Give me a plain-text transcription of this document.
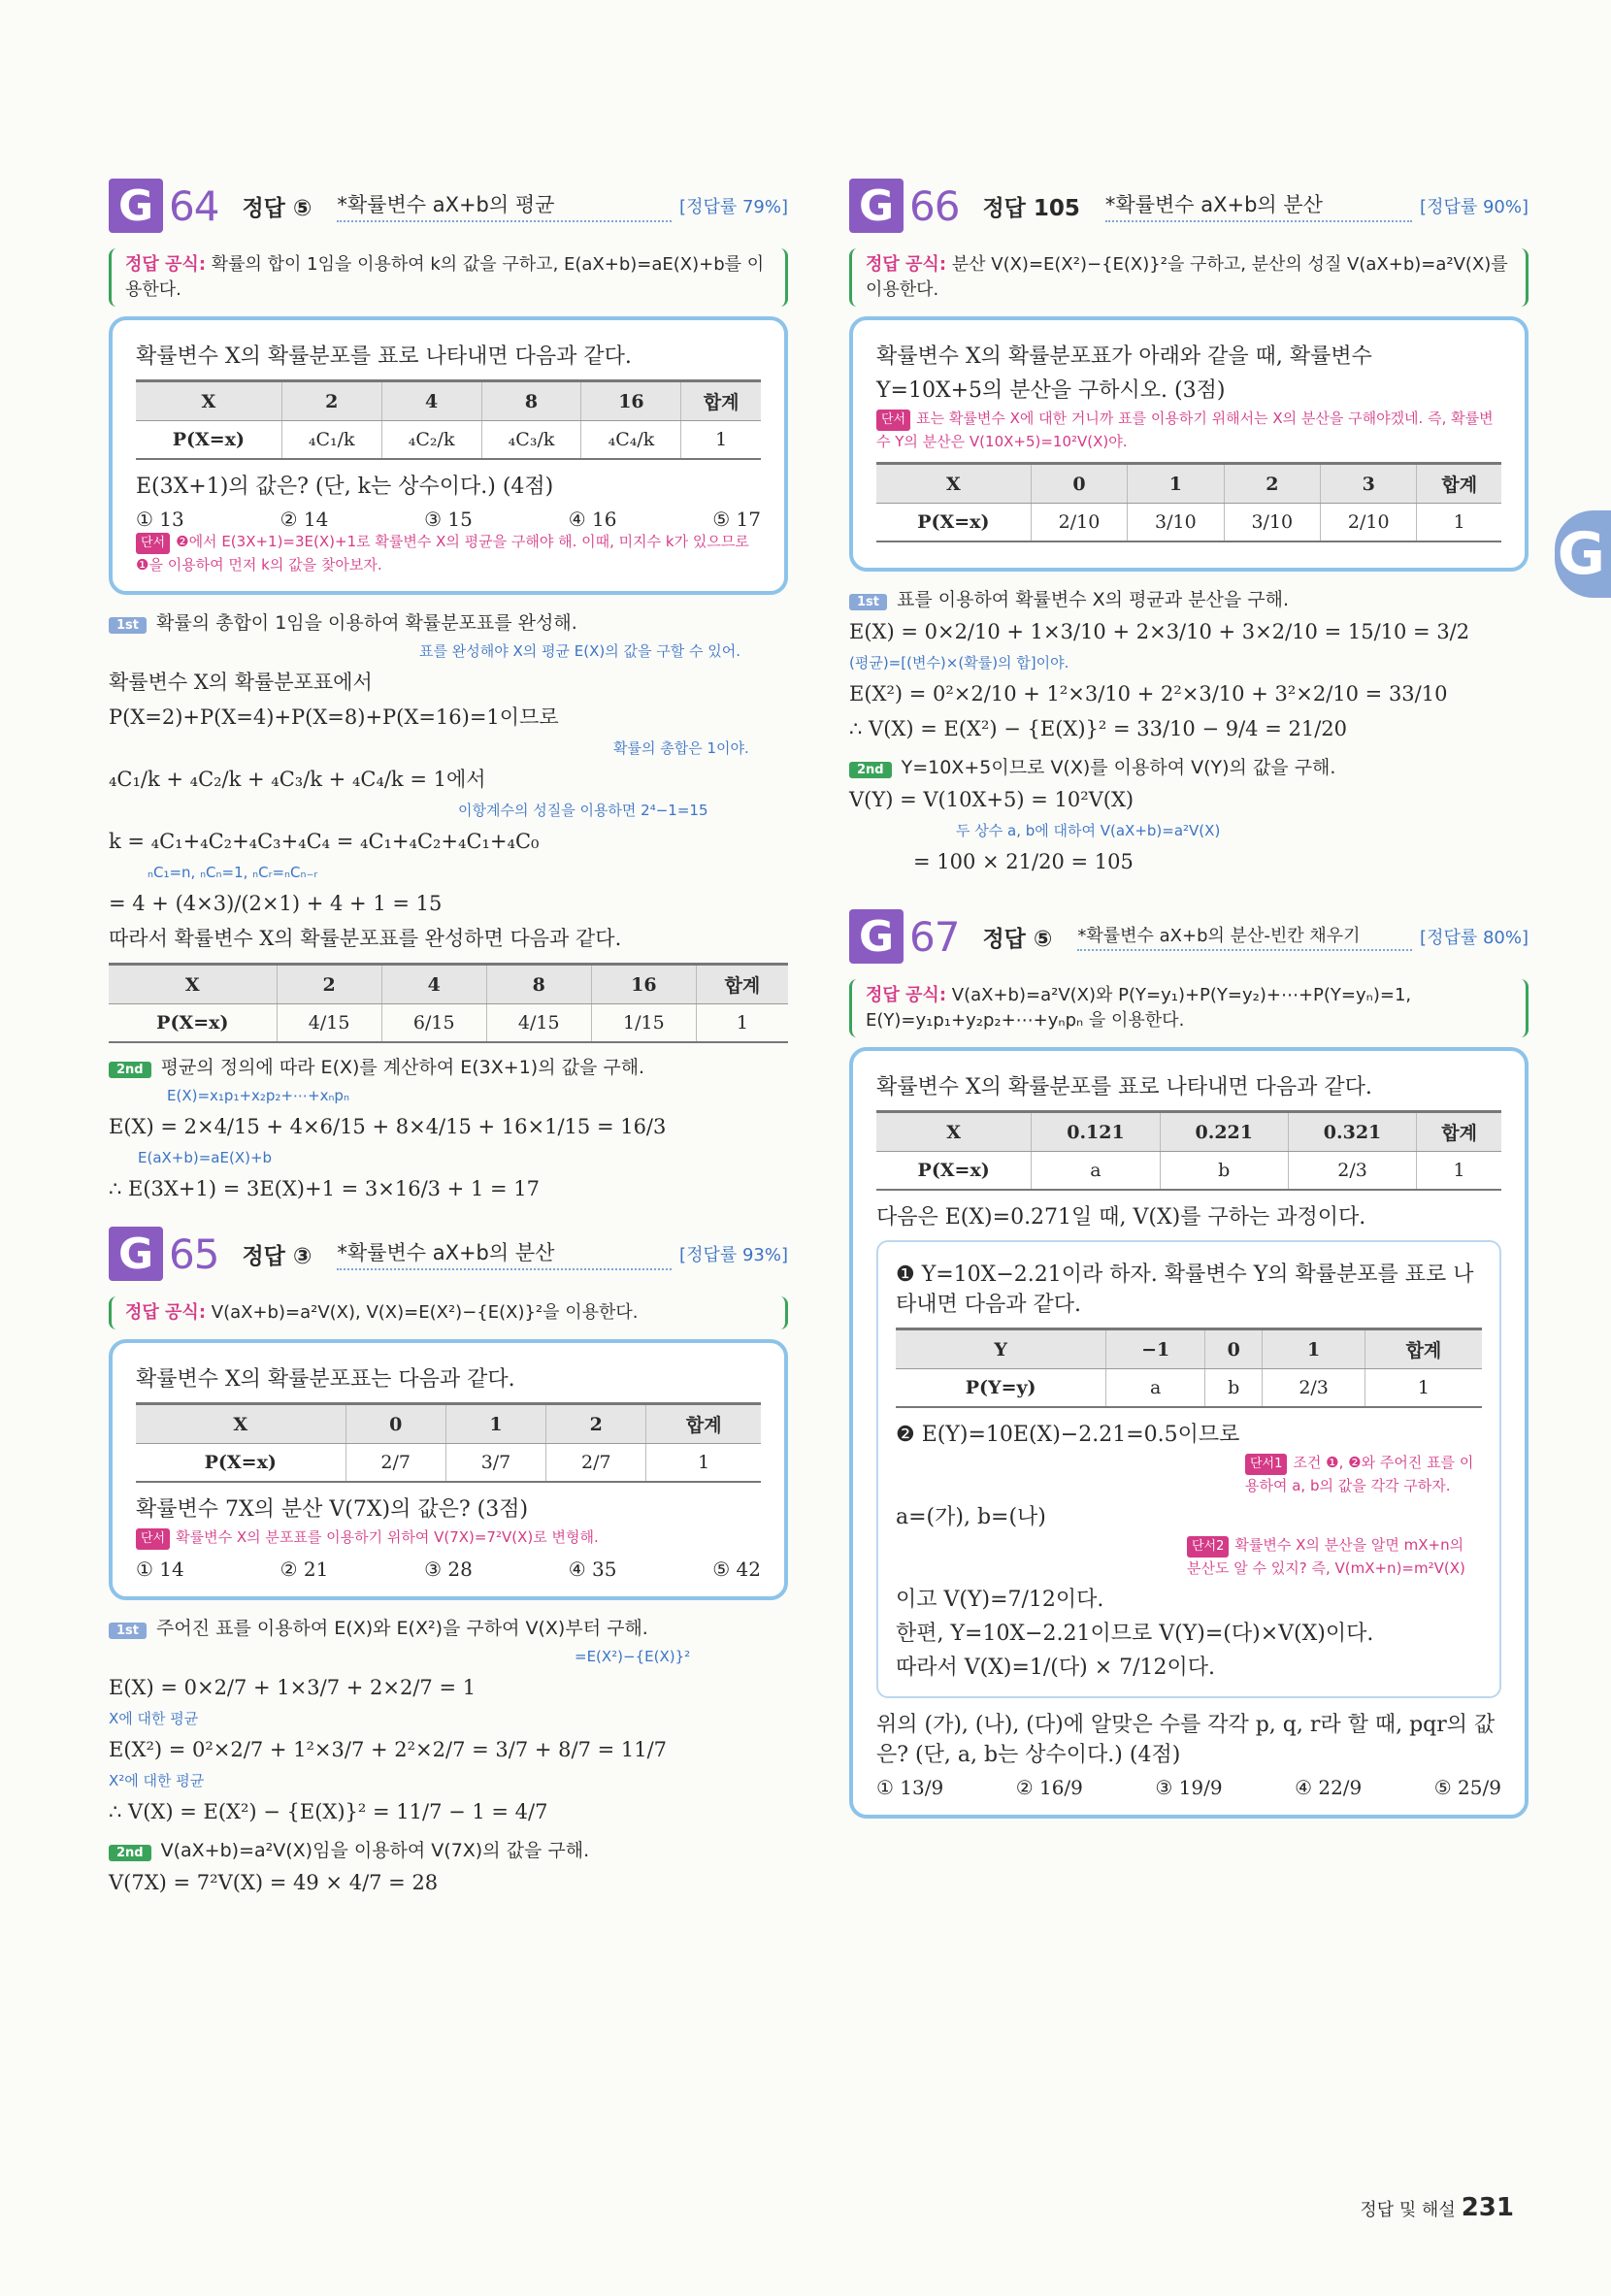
G
G 64 정답 ⑤ *확률변수 aX+b의 평균	[정답률 79%]
정답 공식: 확률의 합이 1임을 이용하여 k의 값을 구하고, E(aX+b)=aE(X)+b를 이용한다.

확률변수 X의 확률분포를 표로 나타내면 다음과 같다.

X	2	4	8	16	합계
P(X=x)	₄C₁/k	₄C₂/k	₄C₃/k	₄C₄/k	1

E(3X+1)의 값은? (단, k는 상수이다.) (4점)

① 13	② 14	③ 15	④ 16	⑤ 17
단서 ❷에서 E(3X+1)=3E(X)+1로 확률변수 X의 평균을 구해야 해. 이때, 미지수 k가 있으므로 ❶을 이용하여 먼저 k의 값을 찾아보자.
1st 확률의 총합이 1임을 이용하여 확률분포표를 완성해.
표를 완성해야 X의 평균 E(X)의 값을 구할 수 있어.
확률변수 X의 확률분포표에서
P(X=2)+P(X=4)+P(X=8)+P(X=16)=1이므로
확률의 총합은 1이야.
₄C₁/k + ₄C₂/k + ₄C₃/k + ₄C₄/k = 1에서
이항계수의 성질을 이용하면 2⁴−1=15
k = ₄C₁+₄C₂+₄C₃+₄C₄ = ₄C₁+₄C₂+₄C₁+₄C₀
ₙC₁=n, ₙCₙ=1, ₙCᵣ=ₙCₙ₋ᵣ
= 4 + (4×3)/(2×1) + 4 + 1 = 15
따라서 확률변수 X의 확률분포표를 완성하면 다음과 같다.
X	2	4	8	16	합계
P(X=x)	4/15	6/15	4/15	1/15	1
2nd 평균의 정의에 따라 E(X)를 계산하여 E(3X+1)의 값을 구해.
E(X)=x₁p₁+x₂p₂+⋯+xₙpₙ
E(X) = 2×4/15 + 4×6/15 + 8×4/15 + 16×1/15 = 16/3
E(aX+b)=aE(X)+b
∴ E(3X+1) = 3E(X)+1 = 3×16/3 + 1 = 17
G 65 정답 ③ *확률변수 aX+b의 분산	[정답률 93%]
정답 공식: V(aX+b)=a²V(X), V(X)=E(X²)−{E(X)}²을 이용한다.

확률변수 X의 확률분포표는 다음과 같다.

X	0	1	2	합계
P(X=x)	2/7	3/7	2/7	1

확률변수 7X의 분산 V(7X)의 값은? (3점)

단서 확률변수 X의 분포표를 이용하기 위하여 V(7X)=7²V(X)로 변형해.
① 14	② 21	③ 28	④ 35	⑤ 42
1st 주어진 표를 이용하여 E(X)와 E(X²)을 구하여 V(X)부터 구해.
=E(X²)−{E(X)}²
E(X) = 0×2/7 + 1×3/7 + 2×2/7 = 1
X에 대한 평균
E(X²) = 0²×2/7 + 1²×3/7 + 2²×2/7 = 3/7 + 8/7 = 11/7
X²에 대한 평균
∴ V(X) = E(X²) − {E(X)}² = 11/7 − 1 = 4/7
2nd V(aX+b)=a²V(X)임을 이용하여 V(7X)의 값을 구해.
V(7X) = 7²V(X) = 49 × 4/7 = 28
G 66 정답 105 *확률변수 aX+b의 분산	[정답률 90%]
정답 공식: 분산 V(X)=E(X²)−{E(X)}²을 구하고, 분산의 성질 V(aX+b)=a²V(X)를 이용한다.

확률변수 X의 확률분포표가 아래와 같을 때, 확률변수

Y=10X+5의 분산을 구하시오. (3점)

단서 표는 확률변수 X에 대한 거니까 표를 이용하기 위해서는 X의 분산을 구해야겠네. 즉, 확률변수 Y의 분산은 V(10X+5)=10²V(X)야.
X	0	1	2	3	합계
P(X=x)	2/10	3/10	3/10	2/10	1
1st 표를 이용하여 확률변수 X의 평균과 분산을 구해.
E(X) = 0×2/10 + 1×3/10 + 2×3/10 + 3×2/10 = 15/10 = 3/2
(평균)=[(변수)×(확률)의 합]이야.
E(X²) = 0²×2/10 + 1²×3/10 + 2²×3/10 + 3²×2/10 = 33/10
∴ V(X) = E(X²) − {E(X)}² = 33/10 − 9/4 = 21/20
2nd Y=10X+5이므로 V(X)를 이용하여 V(Y)의 값을 구해.
V(Y) = V(10X+5) = 10²V(X)
두 상수 a, b에 대하여 V(aX+b)=a²V(X)
= 100 × 21/20 = 105
G 67 정답 ⑤ *확률변수 aX+b의 분산-빈칸 채우기	[정답률 80%]
정답 공식: V(aX+b)=a²V(X)와 P(Y=y₁)+P(Y=y₂)+⋯+P(Y=yₙ)=1, E(Y)=y₁p₁+y₂p₂+⋯+yₙpₙ 을 이용한다.

확률변수 X의 확률분포를 표로 나타내면 다음과 같다.

X	0.121	0.221	0.321	합계
P(X=x)	a	b	2/3	1

다음은 E(X)=0.271일 때, V(X)를 구하는 과정이다.

❶ Y=10X−2.21이라 하자. 확률변수 Y의 확률분포를 표로 나타내면 다음과 같다.

Y	−1	0	1	합계
P(Y=y)	a	b	2/3	1

❷ E(Y)=10E(X)−2.21=0.5이므로

단서1 조건 ❶, ❷와 주어진 표를 이용하여 a, b의 값을 각각 구하자.

a=(가), b=(나)

단서2 확률변수 X의 분산을 알면 mX+n의 분산도 알 수 있지? 즉, V(mX+n)=m²V(X)

이고 V(Y)=7/12이다.

한편, Y=10X−2.21이므로 V(Y)=(다)×V(X)이다.

따라서 V(X)=1/(다) × 7/12이다.

위의 (가), (나), (다)에 알맞은 수를 각각 p, q, r라 할 때, pqr의 값은? (단, a, b는 상수이다.) (4점)

① 13/9	② 16/9	③ 19/9	④ 22/9	⑤ 25/9
정답 및 해설 231
